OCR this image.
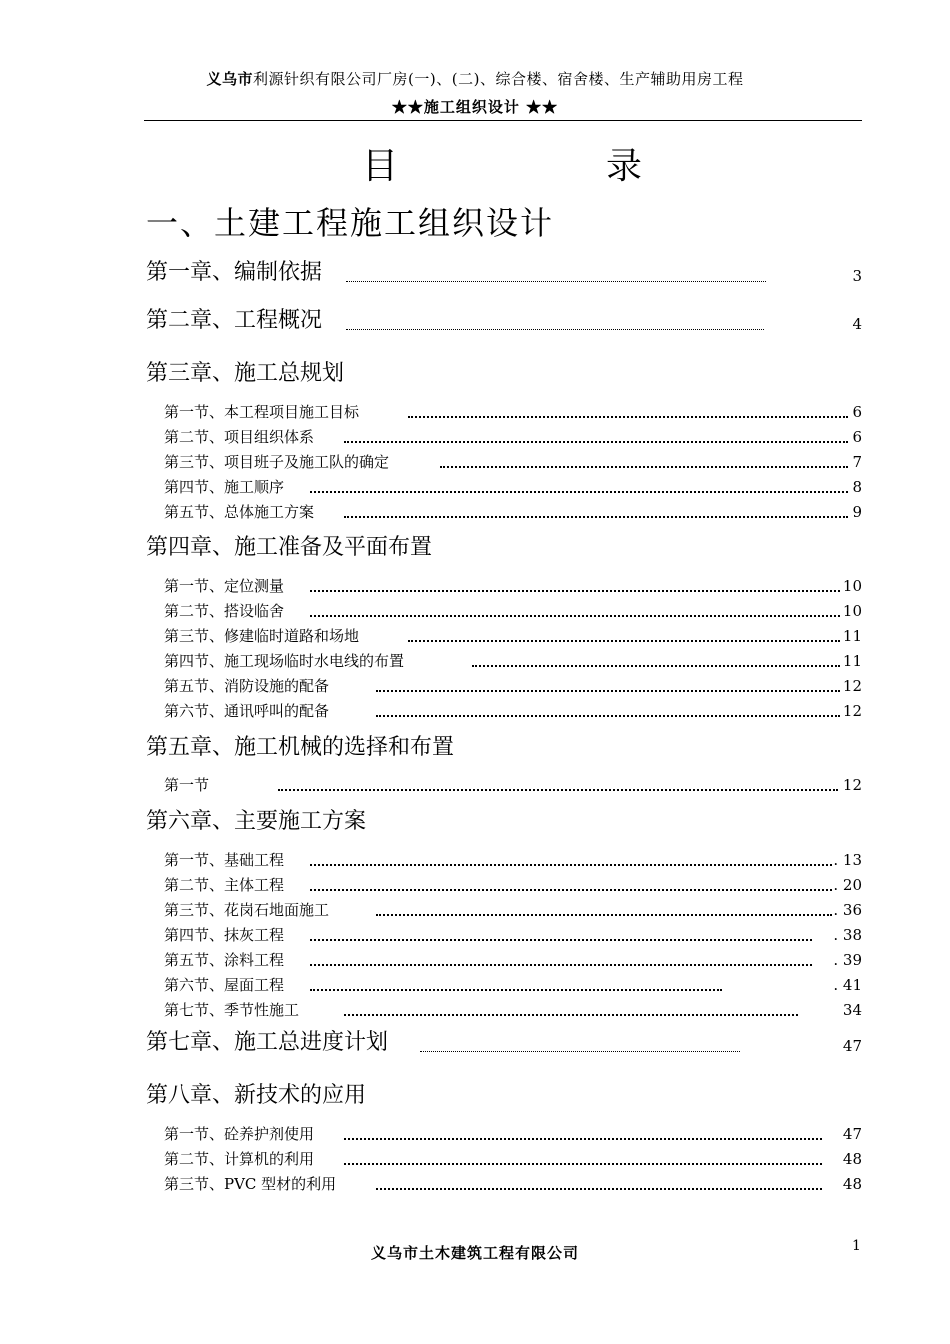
义乌市利源针织有限公司厂房(一)、(二)、综合楼、宿舍楼、生产辅助用房工程
★★施工组织设计 ★★
目	录
一、土建工程施工组织设计
第一章、编制依据	3
第二章、工程概况	4
第三章、施工总规划
第一节、本工程项目施工目标	6
第二节、项目组织体系	6
第三节、项目班子及施工队的确定	7
第四节、施工顺序	8
第五节、总体施工方案	9
第四章、施工准备及平面布置
第一节、定位测量	10
第二节、搭设临舍	10
第三节、修建临时道路和场地	11
第四节、施工现场临时水电线的布置	11
第五节、消防设施的配备	12
第六节、通讯呼叫的配备	12
第五章、施工机械的选择和布置
第一节	12
第六章、主要施工方案
第一节、基础工程	. 13
第二节、主体工程	. 20
第三节、花岗石地面施工	. 36
第四节、抹灰工程	. 38
第五节、涂料工程	. 39
第六节、屋面工程	. 41
第七节、季节性施工	34
第七章、施工总进度计划	47
第八章、新技术的应用
第一节、砼养护剂使用	47
第二节、计算机的利用	48
第三节、PVC 型材的利用	48
义乌市土木建筑工程有限公司	1
